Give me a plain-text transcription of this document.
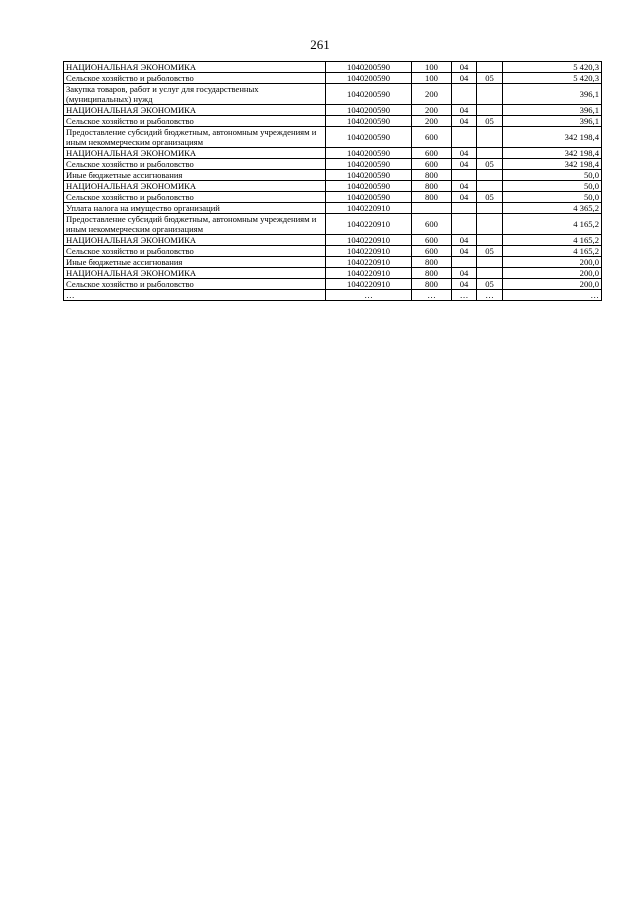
261
НАЦИОНАЛЬНАЯ ЭКОНОМИКА	1040200590	100	04		5 420,3
Сельское хозяйство и рыболовство	1040200590	100	04	05	5 420,3
Закупка товаров, работ и услуг для государственных (муниципальных) нужд	1040200590	200			396,1
НАЦИОНАЛЬНАЯ ЭКОНОМИКА	1040200590	200	04		396,1
Сельское хозяйство и рыболовство	1040200590	200	04	05	396,1
Предоставление субсидий бюджетным, автономным учреждениям и иным некоммерческим организациям	1040200590	600			342 198,4
НАЦИОНАЛЬНАЯ ЭКОНОМИКА	1040200590	600	04		342 198,4
Сельское хозяйство и рыболовство	1040200590	600	04	05	342 198,4
Иные бюджетные ассигнования	1040200590	800			50,0
НАЦИОНАЛЬНАЯ ЭКОНОМИКА	1040200590	800	04		50,0
Сельское хозяйство и рыболовство	1040200590	800	04	05	50,0
Уплата налога на имущество организаций	1040220910				4 365,2
Предоставление субсидий бюджетным, автономным учреждениям и иным некоммерческим организациям	1040220910	600			4 165,2
НАЦИОНАЛЬНАЯ ЭКОНОМИКА	1040220910	600	04		4 165,2
Сельское хозяйство и рыболовство	1040220910	600	04	05	4 165,2
Иные бюджетные ассигнования	1040220910	800			200,0
НАЦИОНАЛЬНАЯ ЭКОНОМИКА	1040220910	800	04		200,0
Сельское хозяйство и рыболовство	1040220910	800	04	05	200,0
…	…	…	…	…	…
